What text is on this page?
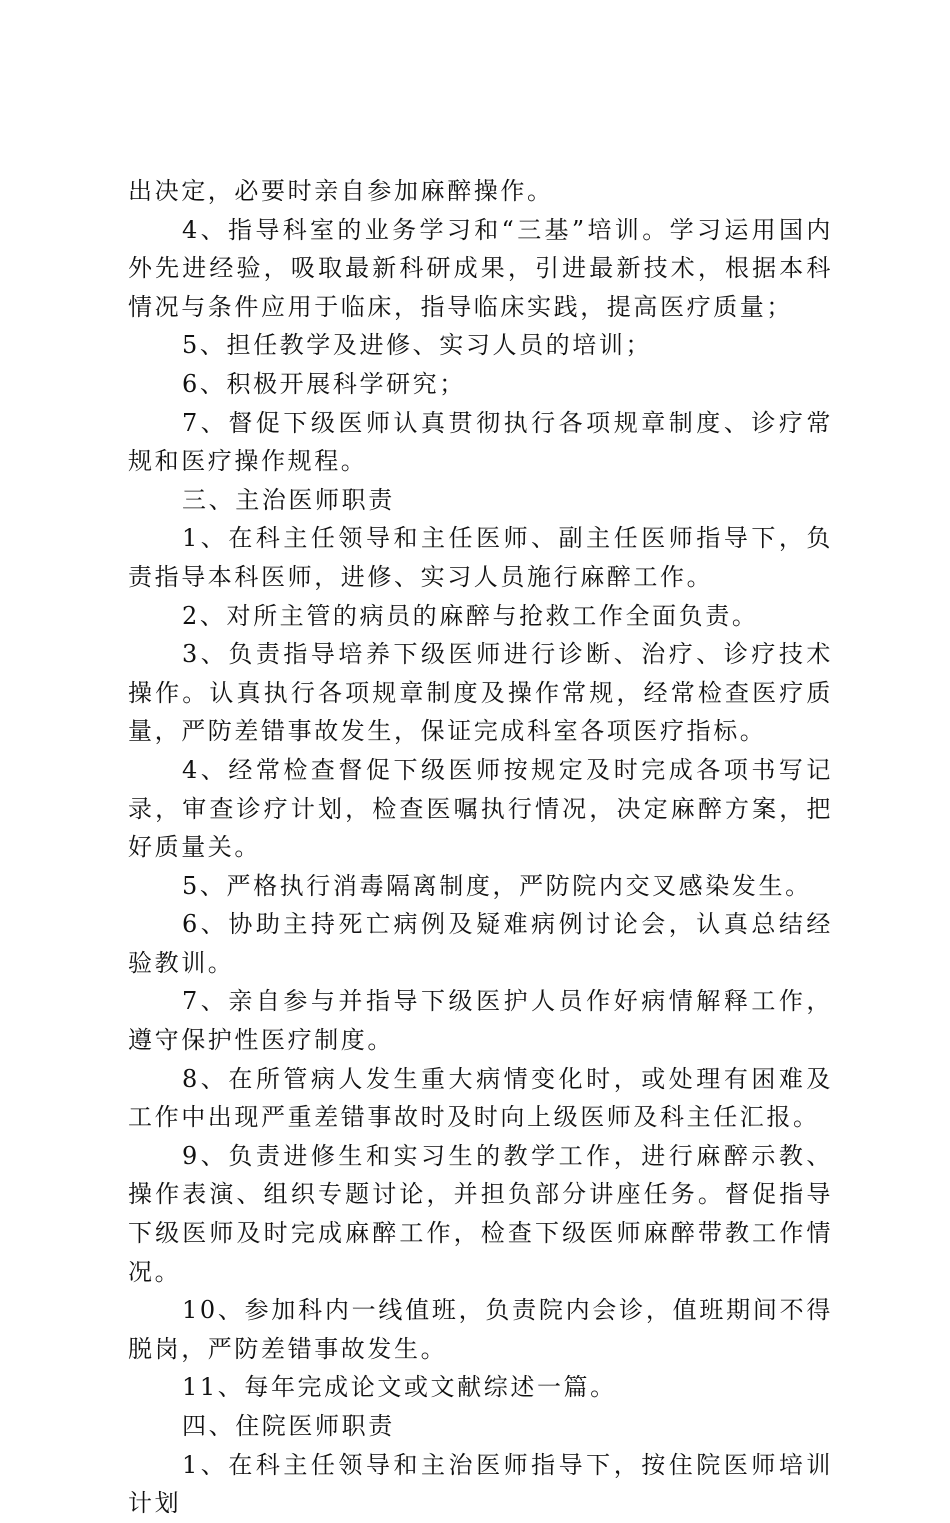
出决定，必要时亲自参加麻醉操作。

4、指导科室的业务学习和“三基”培训。学习运用国内外先进经验，吸取最新科研成果，引进最新技术，根据本科情况与条件应用于临床，指导临床实践，提高医疗质量；

5、担任教学及进修、实习人员的培训；

6、积极开展科学研究；

7、督促下级医师认真贯彻执行各项规章制度、诊疗常规和医疗操作规程。

三、主治医师职责

1、在科主任领导和主任医师、副主任医师指导下，负责指导本科医师，进修、实习人员施行麻醉工作。

2、对所主管的病员的麻醉与抢救工作全面负责。

3、负责指导培养下级医师进行诊断、治疗、诊疗技术操作。认真执行各项规章制度及操作常规，经常检查医疗质量，严防差错事故发生，保证完成科室各项医疗指标。

4、经常检查督促下级医师按规定及时完成各项书写记录，审查诊疗计划，检查医嘱执行情况，决定麻醉方案，把好质量关。

5、严格执行消毒隔离制度，严防院内交叉感染发生。

6、协助主持死亡病例及疑难病例讨论会，认真总结经验教训。

7、亲自参与并指导下级医护人员作好病情解释工作，遵守保护性医疗制度。

8、在所管病人发生重大病情变化时，或处理有困难及工作中出现严重差错事故时及时向上级医师及科主任汇报。

9、负责进修生和实习生的教学工作，进行麻醉示教、操作表演、组织专题讨论，并担负部分讲座任务。督促指导下级医师及时完成麻醉工作，检查下级医师麻醉带教工作情况。

10、参加科内一线值班，负责院内会诊，值班期间不得脱岗，严防差错事故发生。

11、每年完成论文或文献综述一篇。

四、住院医师职责

1、在科主任领导和主治医师指导下，按住院医师培训计划
